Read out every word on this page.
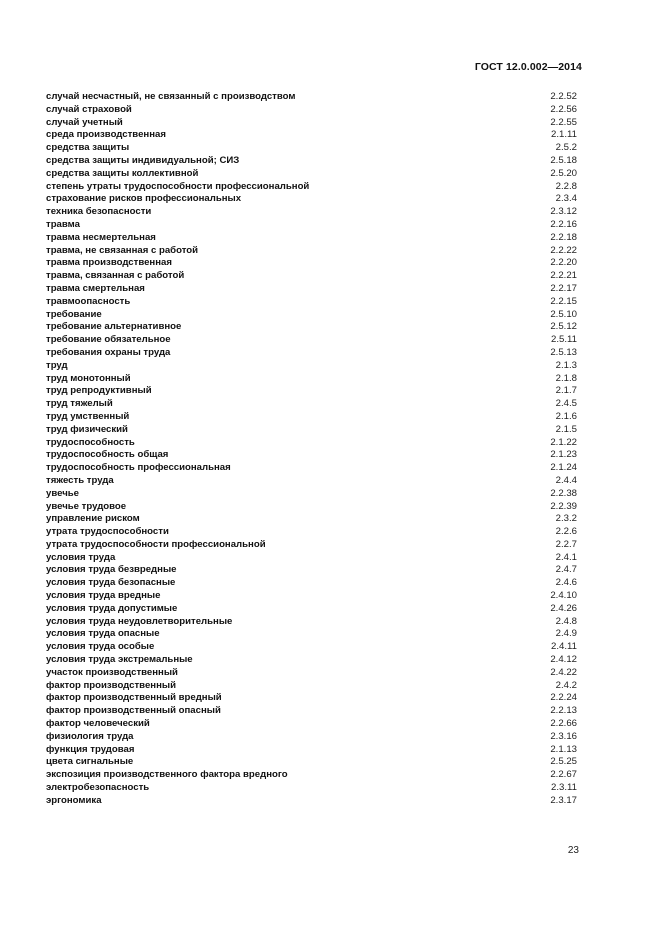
ГОСТ 12.0.002—2014
случай несчастный, не связанный с производством	2.2.52
случай страховой	2.2.56
случай учетный	2.2.55
среда производственная	2.1.11
средства защиты	2.5.2
средства защиты индивидуальной; СИЗ	2.5.18
средства защиты коллективной	2.5.20
степень утраты трудоспособности профессиональной	2.2.8
страхование рисков профессиональных	2.3.4
техника безопасности	2.3.12
травма	2.2.16
травма несмертельная	2.2.18
травма, не связанная с работой	2.2.22
травма производственная	2.2.20
травма, связанная с работой	2.2.21
травма смертельная	2.2.17
травмоопасность	2.2.15
требование	2.5.10
требование альтернативное	2.5.12
требование обязательное	2.5.11
требования охраны труда	2.5.13
труд	2.1.3
труд монотонный	2.1.8
труд репродуктивный	2.1.7
труд тяжелый	2.4.5
труд умственный	2.1.6
труд физический	2.1.5
трудоспособность	2.1.22
трудоспособность общая	2.1.23
трудоспособность профессиональная	2.1.24
тяжесть труда	2.4.4
увечье	2.2.38
увечье трудовое	2.2.39
управление риском	2.3.2
утрата трудоспособности	2.2.6
утрата трудоспособности профессиональной	2.2.7
условия труда	2.4.1
условия труда безвредные	2.4.7
условия труда безопасные	2.4.6
условия труда вредные	2.4.10
условия труда допустимые	2.4.26
условия труда неудовлетворительные	2.4.8
условия труда опасные	2.4.9
условия труда особые	2.4.11
условия труда экстремальные	2.4.12
участок производственный	2.4.22
фактор производственный	2.4.2
фактор производственный вредный	2.2.24
фактор производственный опасный	2.2.13
фактор человеческий	2.2.66
физиология труда	2.3.16
функция трудовая	2.1.13
цвета сигнальные	2.5.25
экспозиция производственного фактора вредного	2.2.67
электробезопасность	2.3.11
эргономика	2.3.17
23
